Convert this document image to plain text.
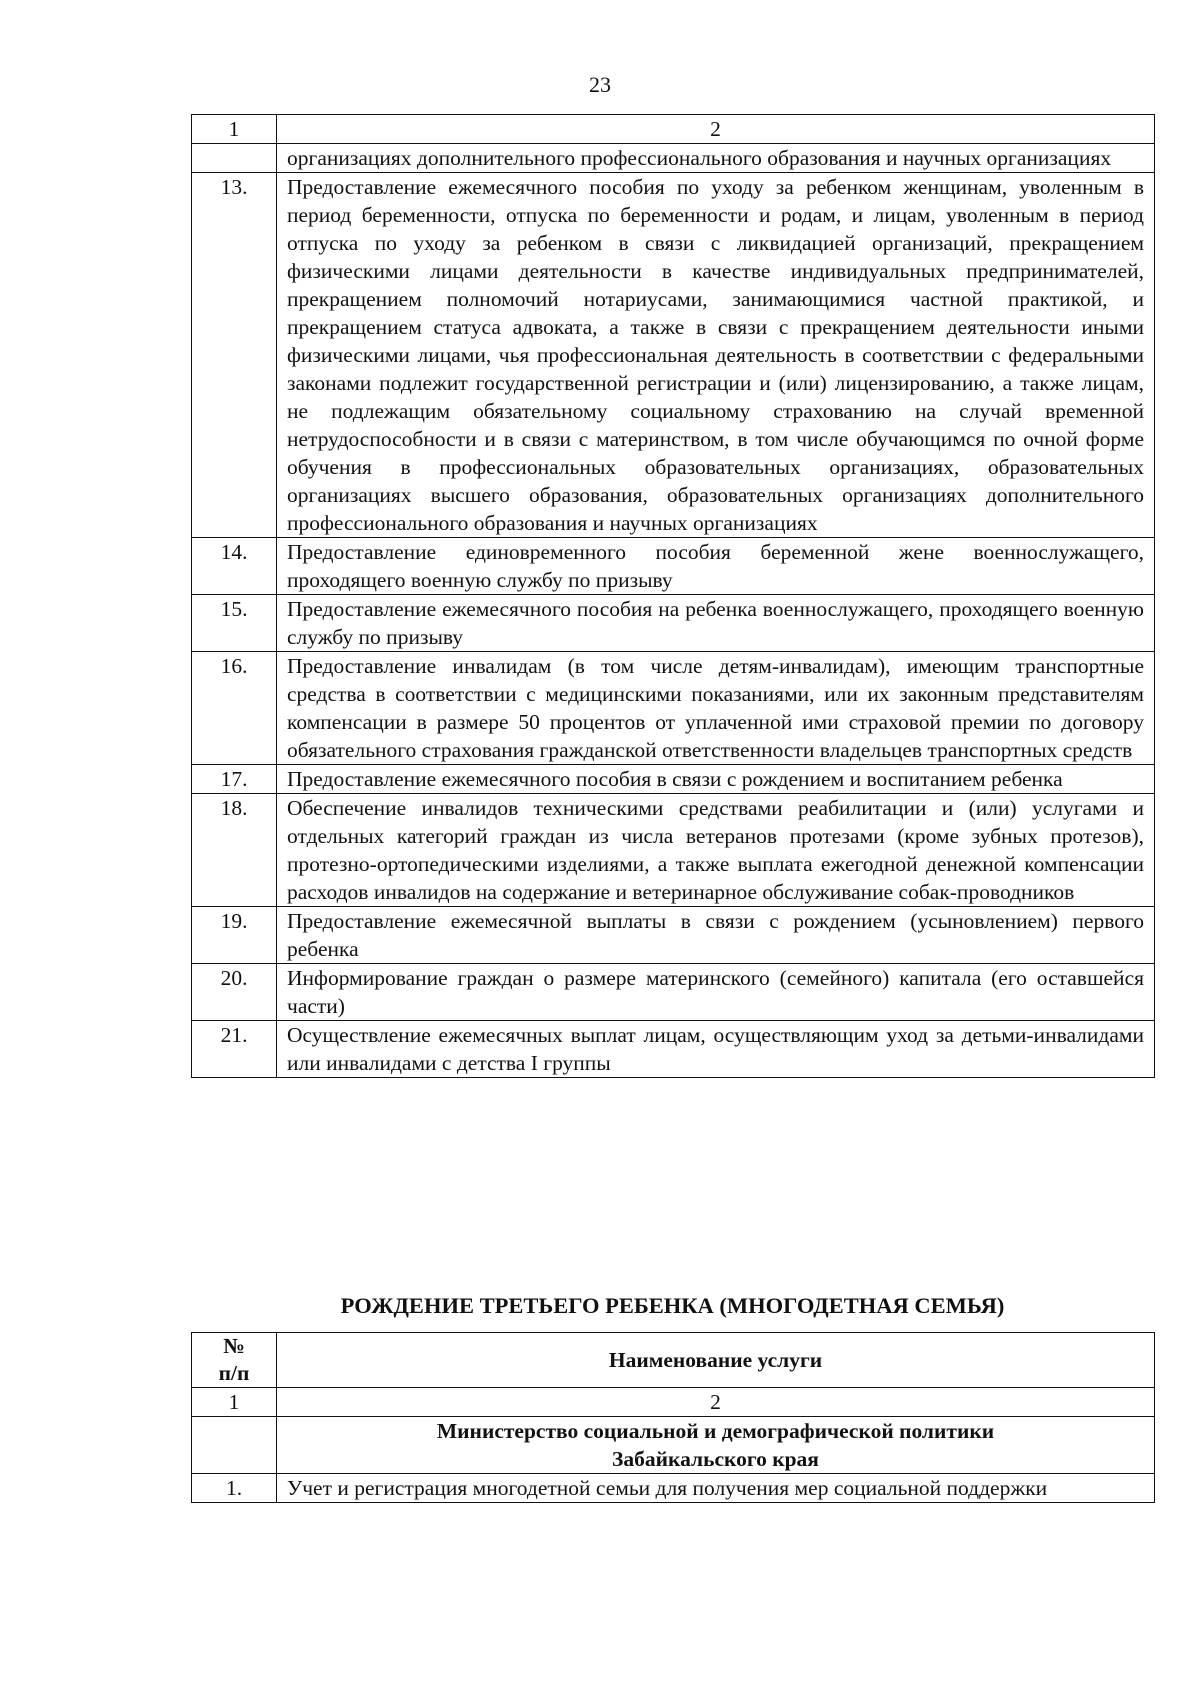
23
1	2
	организациях дополнительного профессионального образования и научных организациях
13.	Предоставление ежемесячного пособия по уходу за ребенком женщинам, уволенным в период беременности, отпуска по беременности и родам, и лицам, уволенным в период отпуска по уходу за ребенком в связи с ликвидацией организаций, прекращением физическими лицами деятельности в качестве индивидуальных предпринимателей, прекращением полномочий нотариусами, занимающимися частной практикой, и прекращением статуса адвоката, а также в связи с прекращением деятельности иными физическими лицами, чья профессиональная деятельность в соответствии с федеральными законами подлежит государственной регистрации и (или) лицензированию, а также лицам, не подлежащим обязательному социальному страхованию на случай временной нетрудоспособности и в связи с материнством, в том числе обучающимся по очной форме обучения в профессиональных образовательных организациях, образовательных организациях высшего образования, образовательных организациях дополнительного профессионального образования и научных организациях
14.	Предоставление единовременного пособия беременной жене военнослужащего, проходящего военную службу по призыву
15.	Предоставление ежемесячного пособия на ребенка военнослужащего, проходящего военную службу по призыву
16.	Предоставление инвалидам (в том числе детям-инвалидам), имеющим транспортные средства в соответствии с медицинскими показаниями, или их законным представителям компенсации в размере 50 процентов от уплаченной ими страховой премии по договору обязательного страхования гражданской ответственности владельцев транспортных средств
17.	Предоставление ежемесячного пособия в связи с рождением и воспитанием ребенка
18.	Обеспечение инвалидов техническими средствами реабилитации и (или) услугами и отдельных категорий граждан из числа ветеранов протезами (кроме зубных протезов), протезно-ортопедическими изделиями, а также выплата ежегодной денежной компенсации расходов инвалидов на содержание и ветеринарное обслуживание собак-проводников
19.	Предоставление ежемесячной выплаты в связи с рождением (усыновлением) первого ребенка
20.	Информирование граждан о размере материнского (семейного) капитала (его оставшейся части)
21.	Осуществление ежемесячных выплат лицам, осуществляющим уход за детьми-инвалидами или инвалидами с детства I группы
РОЖДЕНИЕ ТРЕТЬЕГО РЕБЕНКА (МНОГОДЕТНАЯ СЕМЬЯ)
№
п/п	Наименование услуги
1	2

	Министерство социальной и демографической политики
Забайкальского края

1.	Учет и регистрация многодетной семьи для получения мер социальной поддержки
